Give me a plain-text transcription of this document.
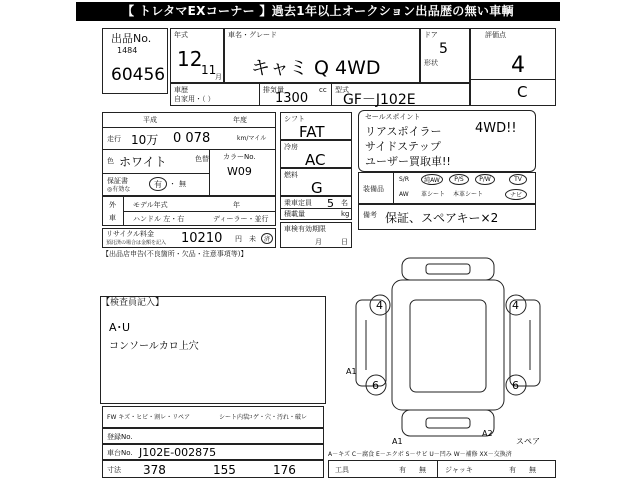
【 トレタマEXコーナー 】過去1年以上オークション出品歴の無い車輌
出品No.
1484
60456
年式
12
11
月
車名・グレード
キャミ Q 4WD
ドア
5
形状
評価点
4
C
車歴
自家用・（ ）
排気量
1300
cc 型式
GF－J102E
平成	年度
走行 10万 0 078	km/マイル
色 ホワイト	色替 カラーNo.
W09
保証書
◎有効な
有	・ 無
外
車
モデル年式	年
ハンドル 左・右	ディーラー・並行
リサイクル料金
預託済の場合は金額を記入 10210 円 未	済
【出品店申告(不良箇所・欠品・注意事項等)】
シフト
FAT
冷房
AC
燃料
G
乗車定員 5 名
積載量	kg
車検有効期限
月	日
セールスポイント
リアスポイラー
サイドステップ
ユーザー買取車!!
4WD!!
装備品
S/R	純AW	P/S	P/W	TV
AW 革シート 本革シート	ナビ
備考 保証、スペアキー×2
【検査員記入】
A･U
コンソールカロ上穴
4	4
6	6
A1
A1
A2
スペア
FW キズ・ヒビ・割レ・リペア	シート内装
コゲ・穴・汚れ・破レ
登録No.
車台No. J102E-002875
寸法 378	155	176
A－キズ C－腐食 E－エクボ S－サビ U－凹み W－補修 XX－交換済
工具	有 無	ジャッキ	有 無
